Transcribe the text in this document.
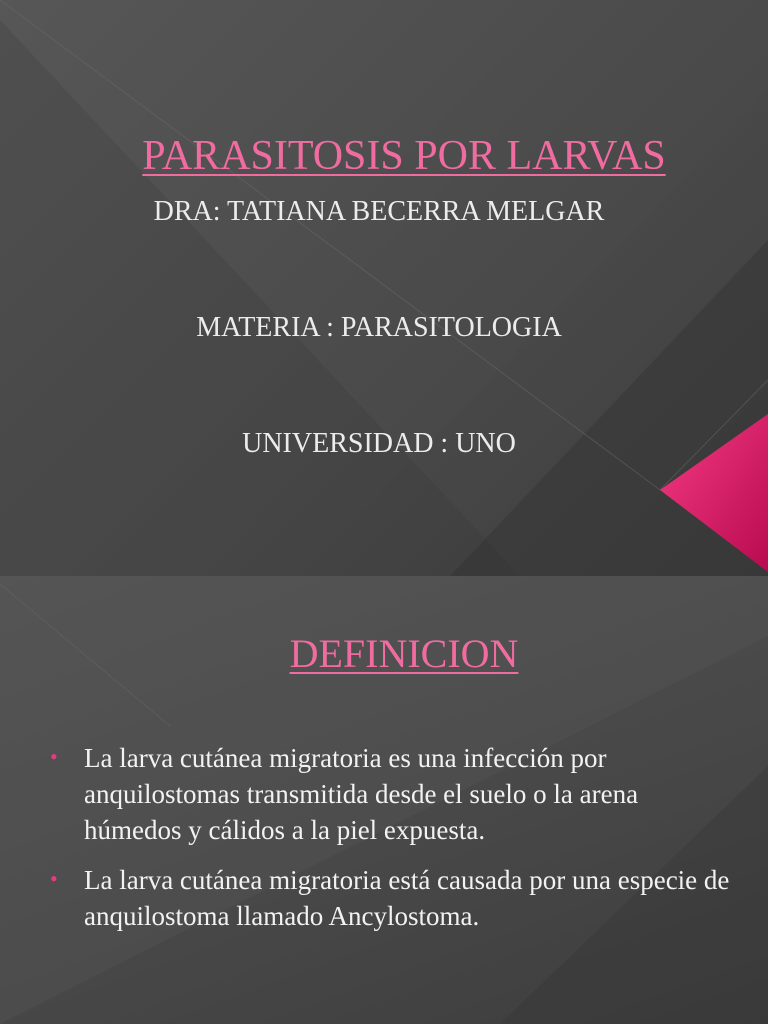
PARASITOSIS POR LARVAS
DRA: TATIANA BECERRA MELGAR
MATERIA : PARASITOLOGIA
UNIVERSIDAD : UNO
DEFINICION
• La larva cutánea migratoria es una infección por anquilostomas transmitida desde el suelo o la arena húmedos y cálidos a la piel expuesta.
• La larva cutánea migratoria está causada por una especie de anquilostoma llamado Ancylostoma.
